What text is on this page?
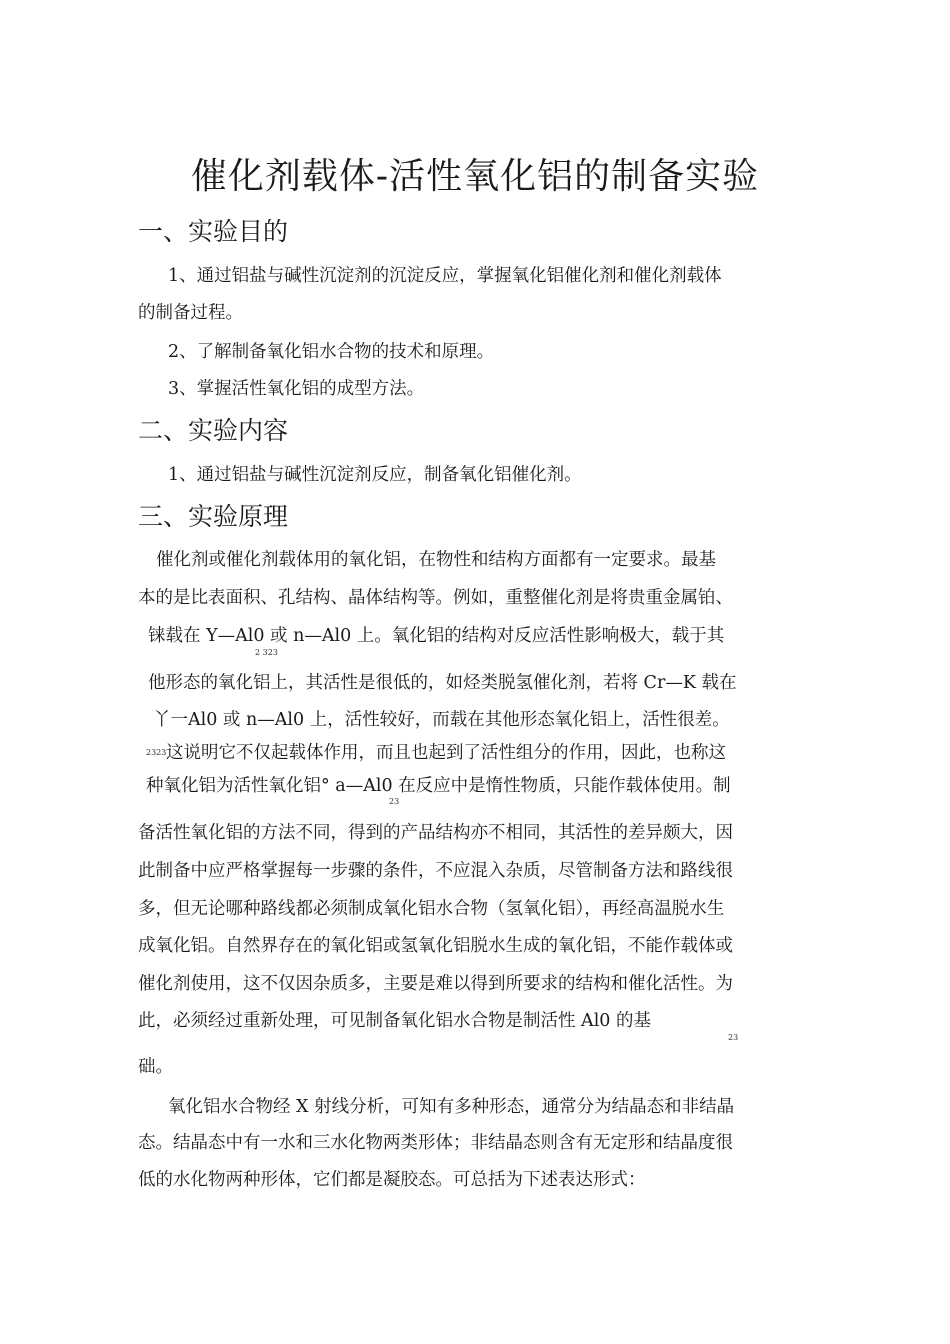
催化剂载体-活性氧化铝的制备实验
一、实验目的
1、通过铝盐与碱性沉淀剂的沉淀反应，掌握氧化铝催化剂和催化剂载体
的制备过程。
2、了解制备氧化铝水合物的技术和原理。
3、掌握活性氧化铝的成型方法。
二、实验内容
1、通过铝盐与碱性沉淀剂反应，制备氧化铝催化剂。
三、实验原理
催化剂或催化剂载体用的氧化铝，在物性和结构方面都有一定要求。最基
本的是比表面积、孔结构、晶体结构等。例如，重整催化剂是将贵重金属铂、
铼载在 Y—Al0 或 n—Al0 上。氧化铝的结构对反应活性影响极大，载于其
2 323
他形态的氧化铝上，其活性是很低的，如烃类脱氢催化剂，若将 Cr—K 载在
丫一Al0 或 n—Al0 上，活性较好，而载在其他形态氧化铝上，活性很差。
2323 这说明它不仅起载体作用，而且也起到了活性组分的作用，因此，也称这
种氧化铝为活性氧化铝° a—Al0 在反应中是惰性物质，只能作载体使用。制
23
备活性氧化铝的方法不同，得到的产品结构亦不相同，其活性的差异颇大，因
此制备中应严格掌握每一步骤的条件，不应混入杂质，尽管制备方法和路线很
多，但无论哪种路线都必须制成氧化铝水合物（氢氧化铝），再经高温脱水生
成氧化铝。自然界存在的氧化铝或氢氧化铝脱水生成的氧化铝，不能作载体或
催化剂使用，这不仅因杂质多，主要是难以得到所要求的结构和催化活性。为
此，必须经过重新处理，可见制备氧化铝水合物是制活性 Al0 的基
23
础。
氧化铝水合物经 X 射线分析，可知有多种形态，通常分为结晶态和非结晶
态。结晶态中有一水和三水化物两类形体；非结晶态则含有无定形和结晶度很
低的水化物两种形体，它们都是凝胶态。可总括为下述表达形式：
